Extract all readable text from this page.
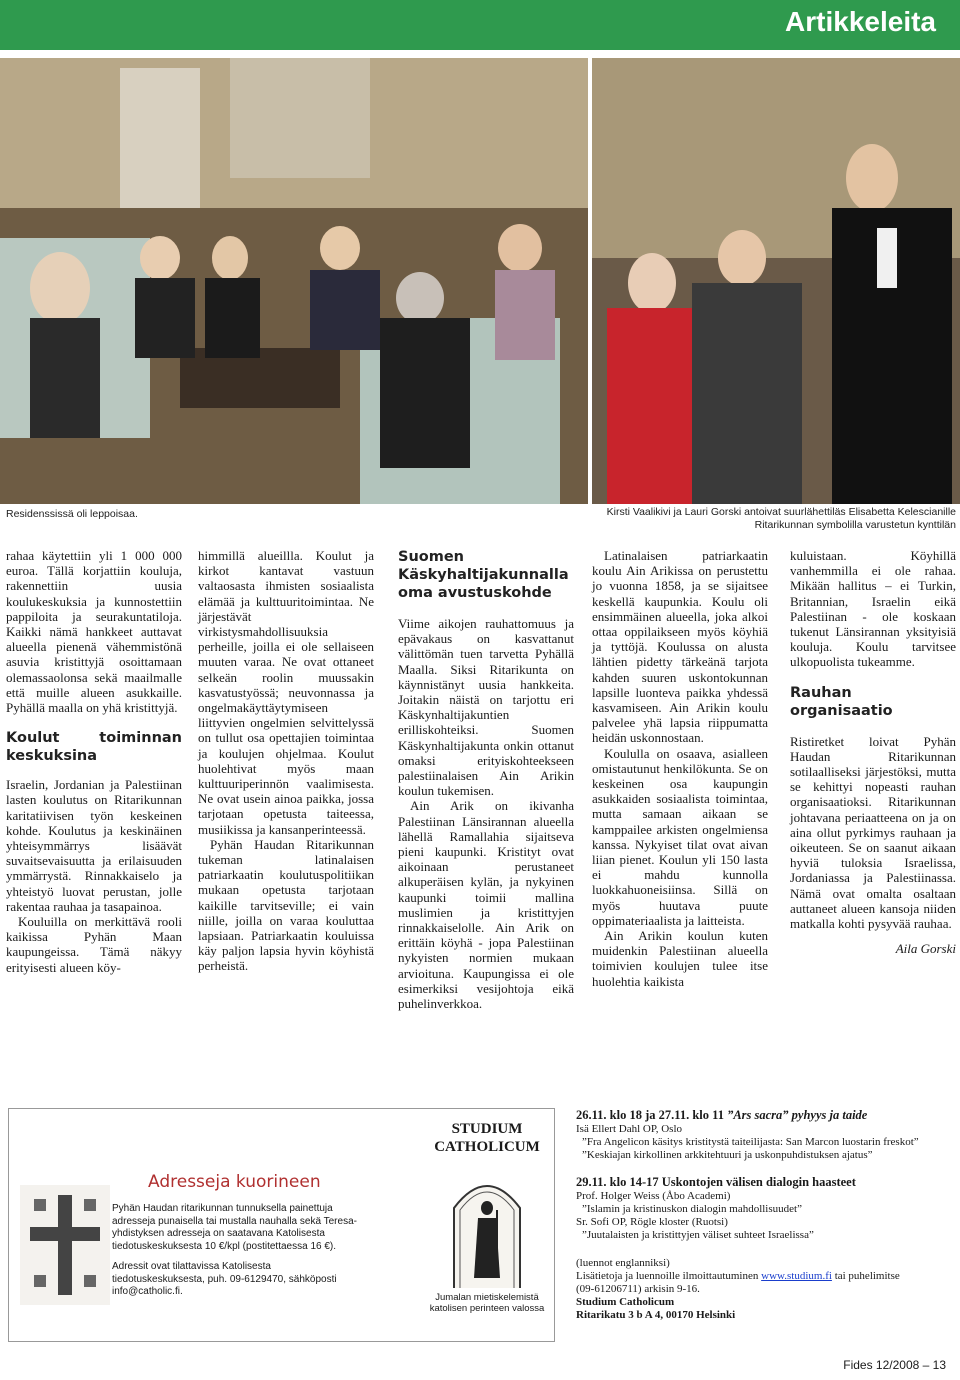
Artikkeleita
Residenssissä oli leppoisaa.	Kirsti Vaalikivi ja Lauri Gorski antoivat suurlähettiläs Elisabetta Kelescianille
Ritarikunnan symbolilla varustetun kynttilän

rahaa käytettiin yli 1 000 000 euroa. Tällä korjattiin kouluja, rakennettiin uusia koulukeskuksia ja kunnostettiin pappiloita ja seurakuntatiloja. Kaikki nämä hankkeet auttavat alueella pienenä vähemmistönä asuvia kristittyjä osoittamaan olemassaolonsa sekä maailmalle että muille alueen asukkaille. Pyhällä maalla on yhä kristittyjä.

Koulut toiminnan keskuksina

Israelin, Jordanian ja Palestiinan lasten koulutus on Ritarikunnan karitatiivisen työn keskeinen kohde. Koulutus ja keskinäinen yhteisymmärrys lisäävät suvaitsevaisuutta ja erilaisuuden ymmärrystä. Rinnakkaiselo ja yhteistyö luovat perustan, jolle rakentaa rauhaa ja tasapainoa.

Kouluilla on merkittävä rooli kaikissa Pyhän Maan kaupungeissa. Tämä näkyy erityisesti alueen köy-

himmillä alueillla. Koulut ja kirkot kantavat vastuun valtaosasta ihmisten sosiaalista elämää ja kulttuuritoimintaa. Ne järjestävät virkistysmahdollisuuksia perheille, joilla ei ole sellaiseen muuten varaa. Ne ovat ottaneet selkeän roolin muussakin kasvatustyössä; neuvonnassa ja ongelmakäyttäytymiseen liittyvien ongelmien selvittelyssä on tullut osa opettajien toimintaa ja koulujen ohjelmaa. Koulut huolehtivat myös maan kulttuuriperinnön vaalimisesta. Ne ovat usein ainoa paikka, jossa tarjotaan opetusta taiteessa, musiikissa ja kansanperinteessä.

Pyhän Haudan Ritarikunnan tukeman latinalaisen patriarkaatin koulutuspolitiikan mukaan opetusta tarjotaan kaikille tarvitseville; ei vain niille, joilla on varaa kouluttaa lapsiaan. Patriarkaatin kouluissa käy paljon lapsia hyvin köyhistä perheistä.

Suomen Käskyhaltijakunnalla oma avustuskohde

Viime aikojen rauhattomuus ja epävakaus on kasvattanut välittömän tuen tarvetta Pyhällä Maalla. Siksi Ritarikunta on käynnistänyt uusia hankkeita. Joitakin näistä on tarjottu eri Käskynhaltijakuntien erilliskohteiksi. Suomen Käskynhaltijakunta onkin ottanut omaksi erityiskohteekseen palestiinalaisen Ain Arikin koulun tukemisen.

Ain Arik on ikivanha Palestiinan Länsirannan alueella lähellä Ramallahia sijaitseva pieni kaupunki. Kristityt ovat aikoinaan perustaneet alkuperäisen kylän, ja nykyinen kaupunki toimii mallina muslimien ja kristittyjen rinnakkaiselolle. Ain Arik on erittäin köyhä - jopa Palestiinan nykyisten normien mukaan arvioituna. Kaupungissa ei ole esimerkiksi vesijohtoja eikä puhelinverkkoa.

Latinalaisen patriarkaatin koulu Ain Arikissa on perustettu jo vuonna 1858, ja se sijaitsee keskellä kaupunkia. Koulu oli ensimmäinen alueella, joka alkoi ottaa oppilaikseen myös köyhiä ja tyttöjä. Koulussa on alusta lähtien pidetty tärkeänä tarjota kahden suuren uskontokunnan lapsille luonteva paikka yhdessä kasvamiseen. Ain Arikin koulu palvelee yhä lapsia riippumatta heidän uskonnostaan.

Koululla on osaava, asialleen omistautunut henkilökunta. Se on keskeinen osa kaupungin asukkaiden sosiaalista toimintaa, mutta samaan aikaan se kamppailee arkisten ongelmiensa kanssa. Nykyiset tilat ovat aivan liian pienet. Koulun yli 150 lasta ei mahdu kunnolla luokkahuoneisiinsa. Sillä on myös huutava puute oppimateriaalista ja laitteista.

Ain Arikin koulun kuten muidenkin Palestiinan alueella toimivien koulujen tulee itse huolehtia kaikista

kuluistaan. Köyhillä vanhemmilla ei ole rahaa. Mikään hallitus – ei Turkin, Britannian, Israelin eikä Palestiinan - ole koskaan tukenut Länsirannan yksityisiä kouluja. Koulu tarvitsee ulkopuolista tukeamme.

Rauhan organisaatio

Ristiretket loivat Pyhän Haudan Ritarikunnan sotilaalliseksi järjestöksi, mutta se kehittyi nopeasti rauhan organisaatioksi. Ritarikunnan johtavana periaatteena on ja on aina ollut pyrkimys rauhaan ja oikeuteen. Se on saanut aikaan hyviä tuloksia Israelissa, Jordaniassa ja Palestiinassa. Nämä ovat omalta osaltaan auttaneet alueen kansoja niiden matkalla kohti pysyvää rauhaa.

Aila Gorski

Adresseja kuorineen

Pyhän Haudan ritarikunnan tunnuksella painettuja adresseja punaisella tai mustalla nauhalla sekä Teresa-yhdistyksen adresseja on saatavana Katolisesta tiedotuskeskuksesta 10 €/kpl (postitettaessa 16 €).

Adressit ovat tilattavissa Katolisesta tiedotuskeskuksesta, puh. 09-6129470, sähköposti info@catholic.fi.

STUDIUM
CATHOLICUM
Jumalan mietiskelemistä
katolisen perinteen valossa
26.11. klo 18 ja 27.11. klo 11 ”Ars sacra” pyhyys ja taide
Isä Ellert Dahl OP, Oslo
”Fra Angelicon käsitys kristitystä taiteilijasta: San Marcon luostarin freskot”
”Keskiajan kirkollinen arkkitehtuuri ja uskonpuhdistuksen ajatus”
29.11. klo 14-17 Uskontojen välisen dialogin haasteet
Prof. Holger Weiss (Åbo Academi)
”Islamin ja kristinuskon dialogin mahdollisuudet”
Sr. Sofi OP, Rögle kloster (Ruotsi)
”Juutalaisten ja kristittyjen väliset suhteet Israelissa”
(luennot englanniksi)
Lisätietoja ja luennoille ilmoittautuminen www.studium.fi tai puhelimitse
(09-61206711) arkisin 9-16.
Studium Catholicum
Ritarikatu 3 b A 4, 00170 Helsinki
Fides 12/2008 – 13
